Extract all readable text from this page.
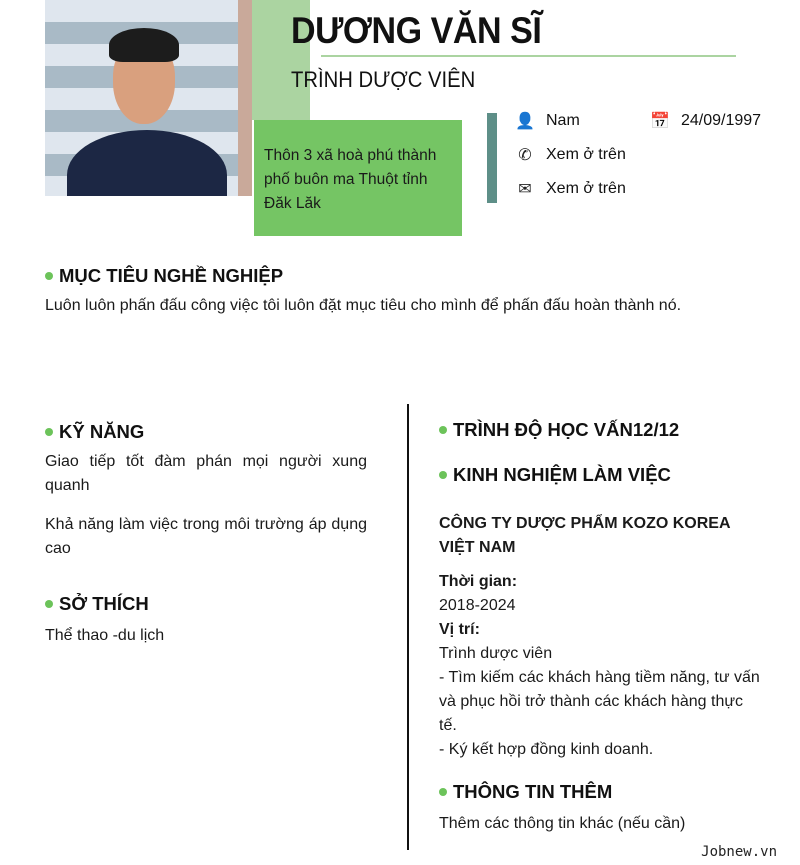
Thôn 3 xã hoà phú thành phố buôn ma Thuột tỉnh Đăk Lăk
DƯƠNG VĂN SĨ
TRÌNH DƯỢC VIÊN
👤 Nam	📅 24/09/1997
✆ Xem ở trên
✉ Xem ở trên
MỤC TIÊU NGHỀ NGHIỆP
Luôn luôn phấn đấu công việc tôi luôn đặt mục tiêu cho mình để phấn đấu hoàn thành nó.
KỸ NĂNG
Giao tiếp tốt đàm phán mọi người xung quanh
Khả năng làm việc trong môi trường áp dụng cao
SỞ THÍCH
Thể thao -du lịch
TRÌNH ĐỘ HỌC VẤN12/12
KINH NGHIỆM LÀM VIỆC
CÔNG TY DƯỢC PHẨM KOZO KOREA VIỆT NAM
Thời gian:
2018-2024
Vị trí:
Trình dược viên
- Tìm kiếm các khách hàng tiềm năng, tư vấn và phục hồi trở thành các khách hàng thực tế.
- Ký kết hợp đồng kinh doanh.
THÔNG TIN THÊM
Thêm các thông tin khác (nếu cần)
Jobnew.vn
